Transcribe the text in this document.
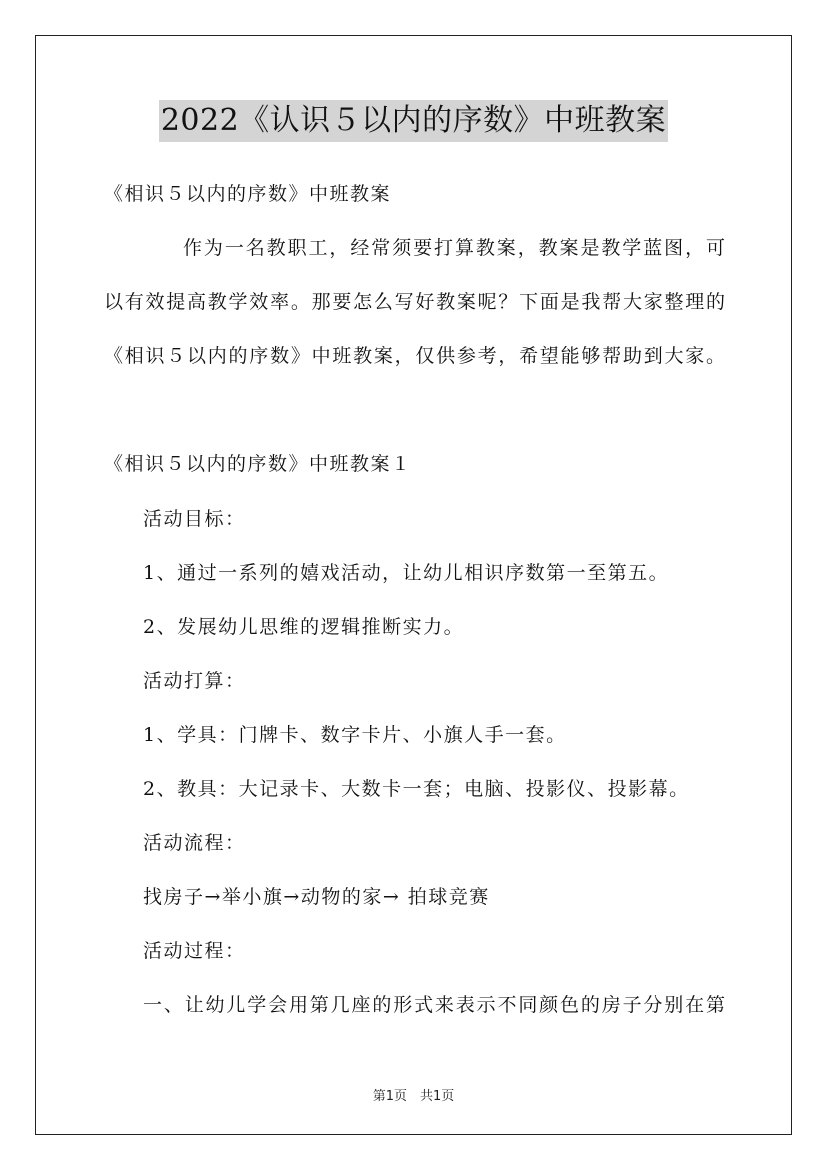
2022《认识５以内的序数》中班教案
《相识５以内的序数》中班教案
作为一名教职工，经常须要打算教案，教案是教学蓝图，可
以有效提高教学效率。那要怎么写好教案呢？下面是我帮大家整理的
《相识５以内的序数》中班教案，仅供参考，希望能够帮助到大家。
《相识５以内的序数》中班教案１
活动目标：
1、通过一系列的嬉戏活动，让幼儿相识序数第一至第五。
2、发展幼儿思维的逻辑推断实力。
活动打算：
1、学具：门牌卡、数字卡片、小旗人手一套。
2、教具：大记录卡、大数卡一套；电脑、投影仪、投影幕。
活动流程：
找房子→举小旗→动物的家→ 拍球竞赛
活动过程：
一、让幼儿学会用第几座的形式来表示不同颜色的房子分别在第
第1页　共1页
